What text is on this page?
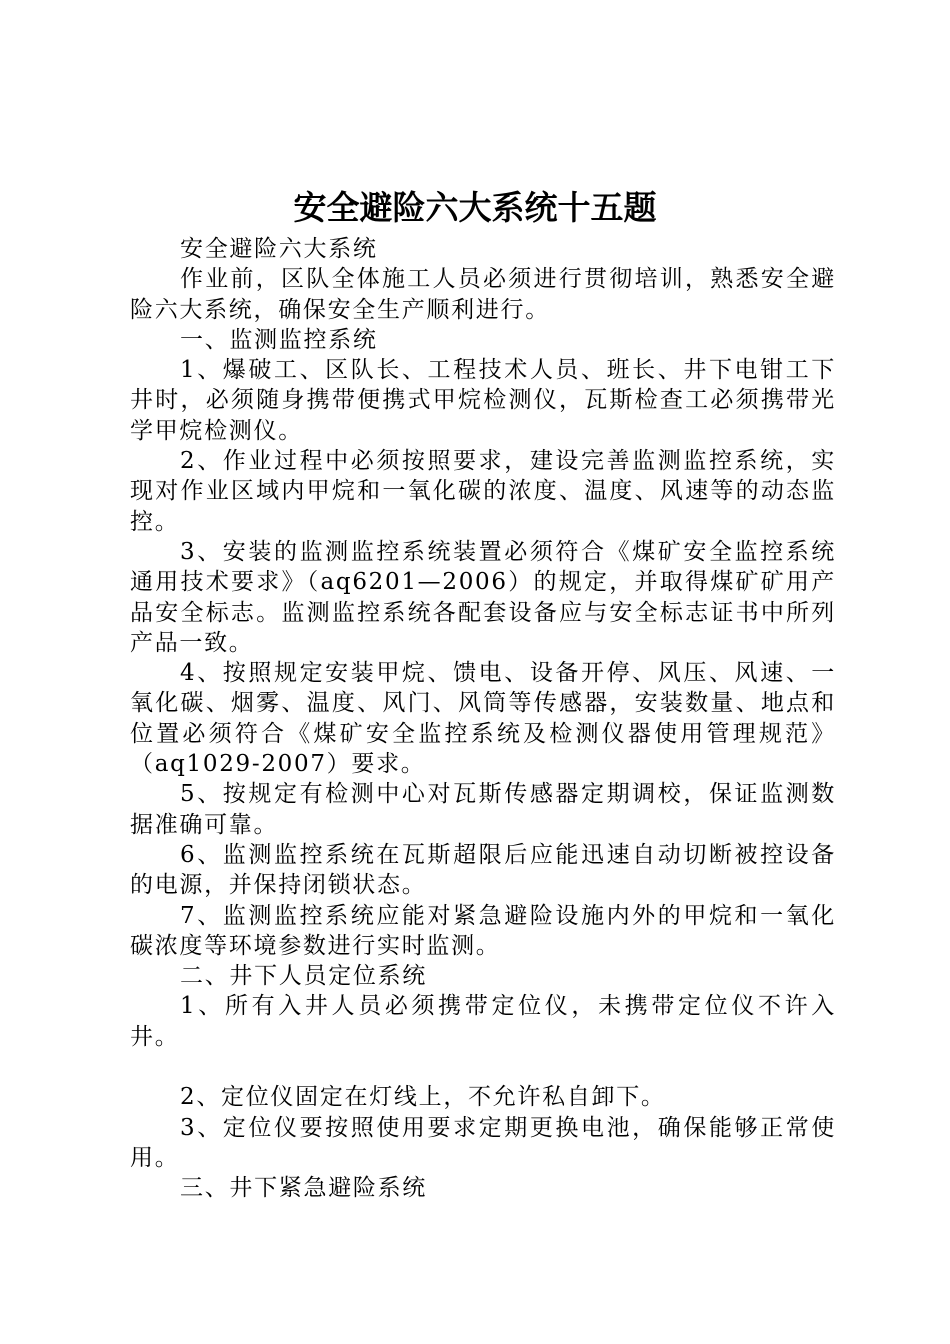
安全避险六大系统十五题

安全避险六大系统

作业前，区队全体施工人员必须进行贯彻培训，熟悉安全避险六大系统，确保安全生产顺利进行。

一、监测监控系统

1、爆破工、区队长、工程技术人员、班长、井下电钳工下井时，必须随身携带便携式甲烷检测仪，瓦斯检查工必须携带光学甲烷检测仪。

2、作业过程中必须按照要求，建设完善监测监控系统，实现对作业区域内甲烷和一氧化碳的浓度、温度、风速等的动态监控。

3、安装的监测监控系统装置必须符合《煤矿安全监控系统通用技术要求》（aq6201—2006）的规定，并取得煤矿矿用产品安全标志。监测监控系统各配套设备应与安全标志证书中所列产品一致。

4、按照规定安装甲烷、馈电、设备开停、风压、风速、一氧化碳、烟雾、温度、风门、风筒等传感器，安装数量、地点和位置必须符合《煤矿安全监控系统及检测仪器使用管理规范》（aq1029-2007）要求。

5、按规定有检测中心对瓦斯传感器定期调校，保证监测数据准确可靠。

6、监测监控系统在瓦斯超限后应能迅速自动切断被控设备的电源，并保持闭锁状态。

7、监测监控系统应能对紧急避险设施内外的甲烷和一氧化碳浓度等环境参数进行实时监测。

二、井下人员定位系统

1、所有入井人员必须携带定位仪，未携带定位仪不许入井。

2、定位仪固定在灯线上，不允许私自卸下。

3、定位仪要按照使用要求定期更换电池，确保能够正常使用。

三、井下紧急避险系统
